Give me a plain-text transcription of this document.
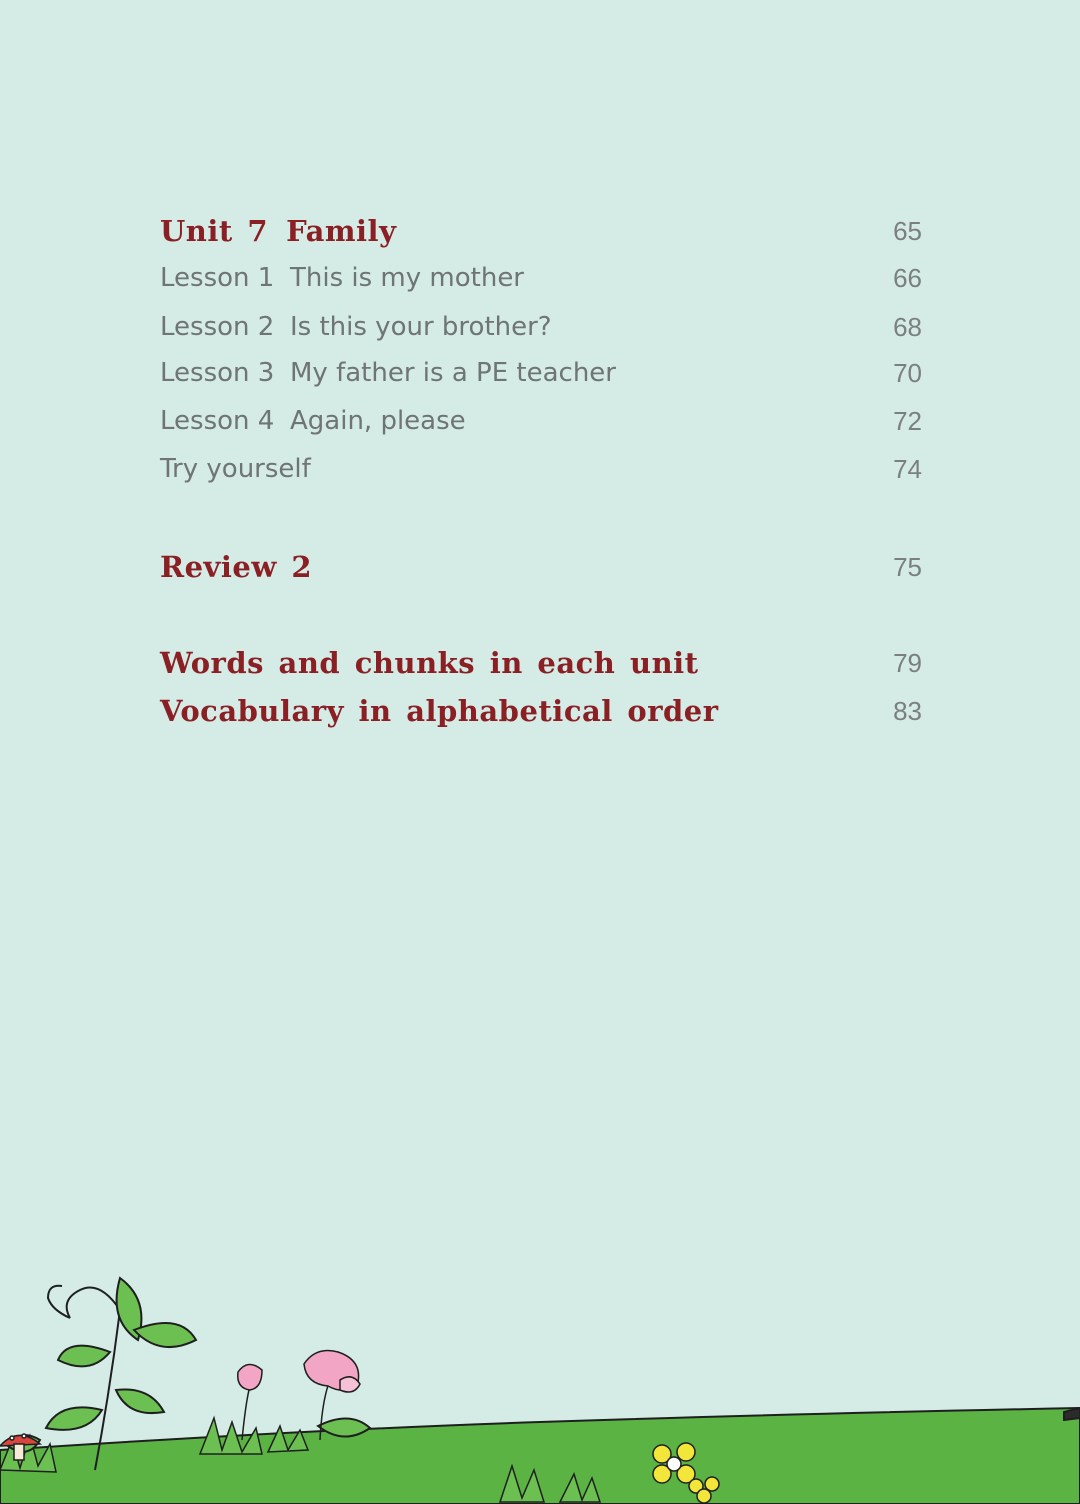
Unit 7 Family	65
Lesson 1 This is my mother	66
Lesson 2 Is this your brother?	68
Lesson 3 My father is a PE teacher	70
Lesson 4 Again, please	72
Try yourself	74
Review 2	75
Words and chunks in each unit	79
Vocabulary in alphabetical order	83
